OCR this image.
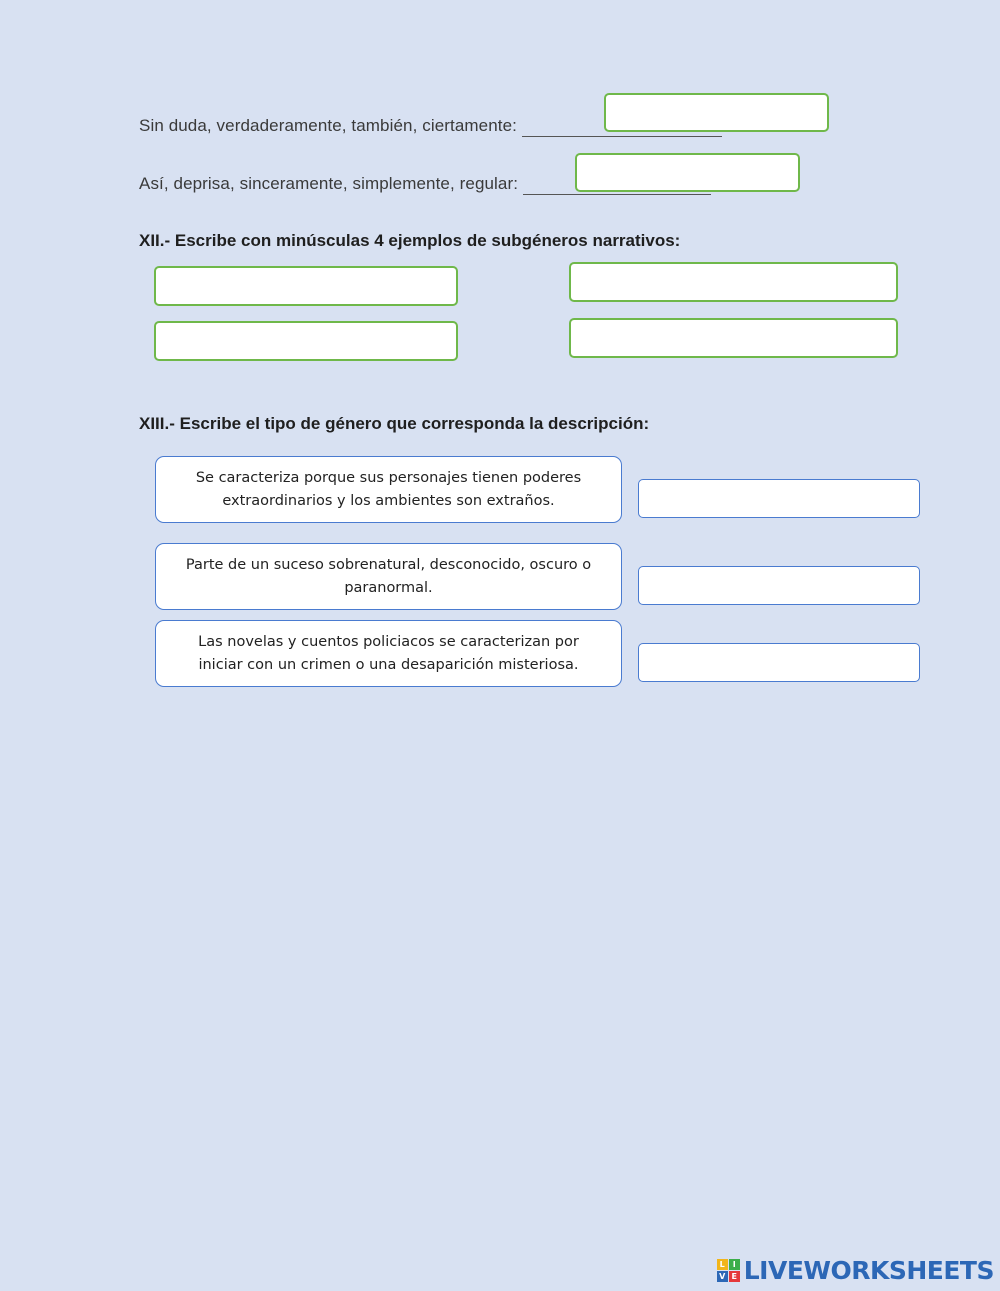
Sin duda, verdaderamente, también, ciertamente:
Así, deprisa, sinceramente, simplemente, regular:
XII.- Escribe con minúsculas 4 ejemplos de subgéneros narrativos:
XIII.- Escribe el tipo de género que corresponda la descripción:
Se caracteriza porque sus personajes tienen poderes extraordinarios y los ambientes son extraños.
Parte de un suceso sobrenatural, desconocido, oscuro o paranormal.
Las novelas y cuentos policiacos se caracterizan por iniciar con un crimen o una desaparición misteriosa.
L I
V E LIVEWORKSHEETS
